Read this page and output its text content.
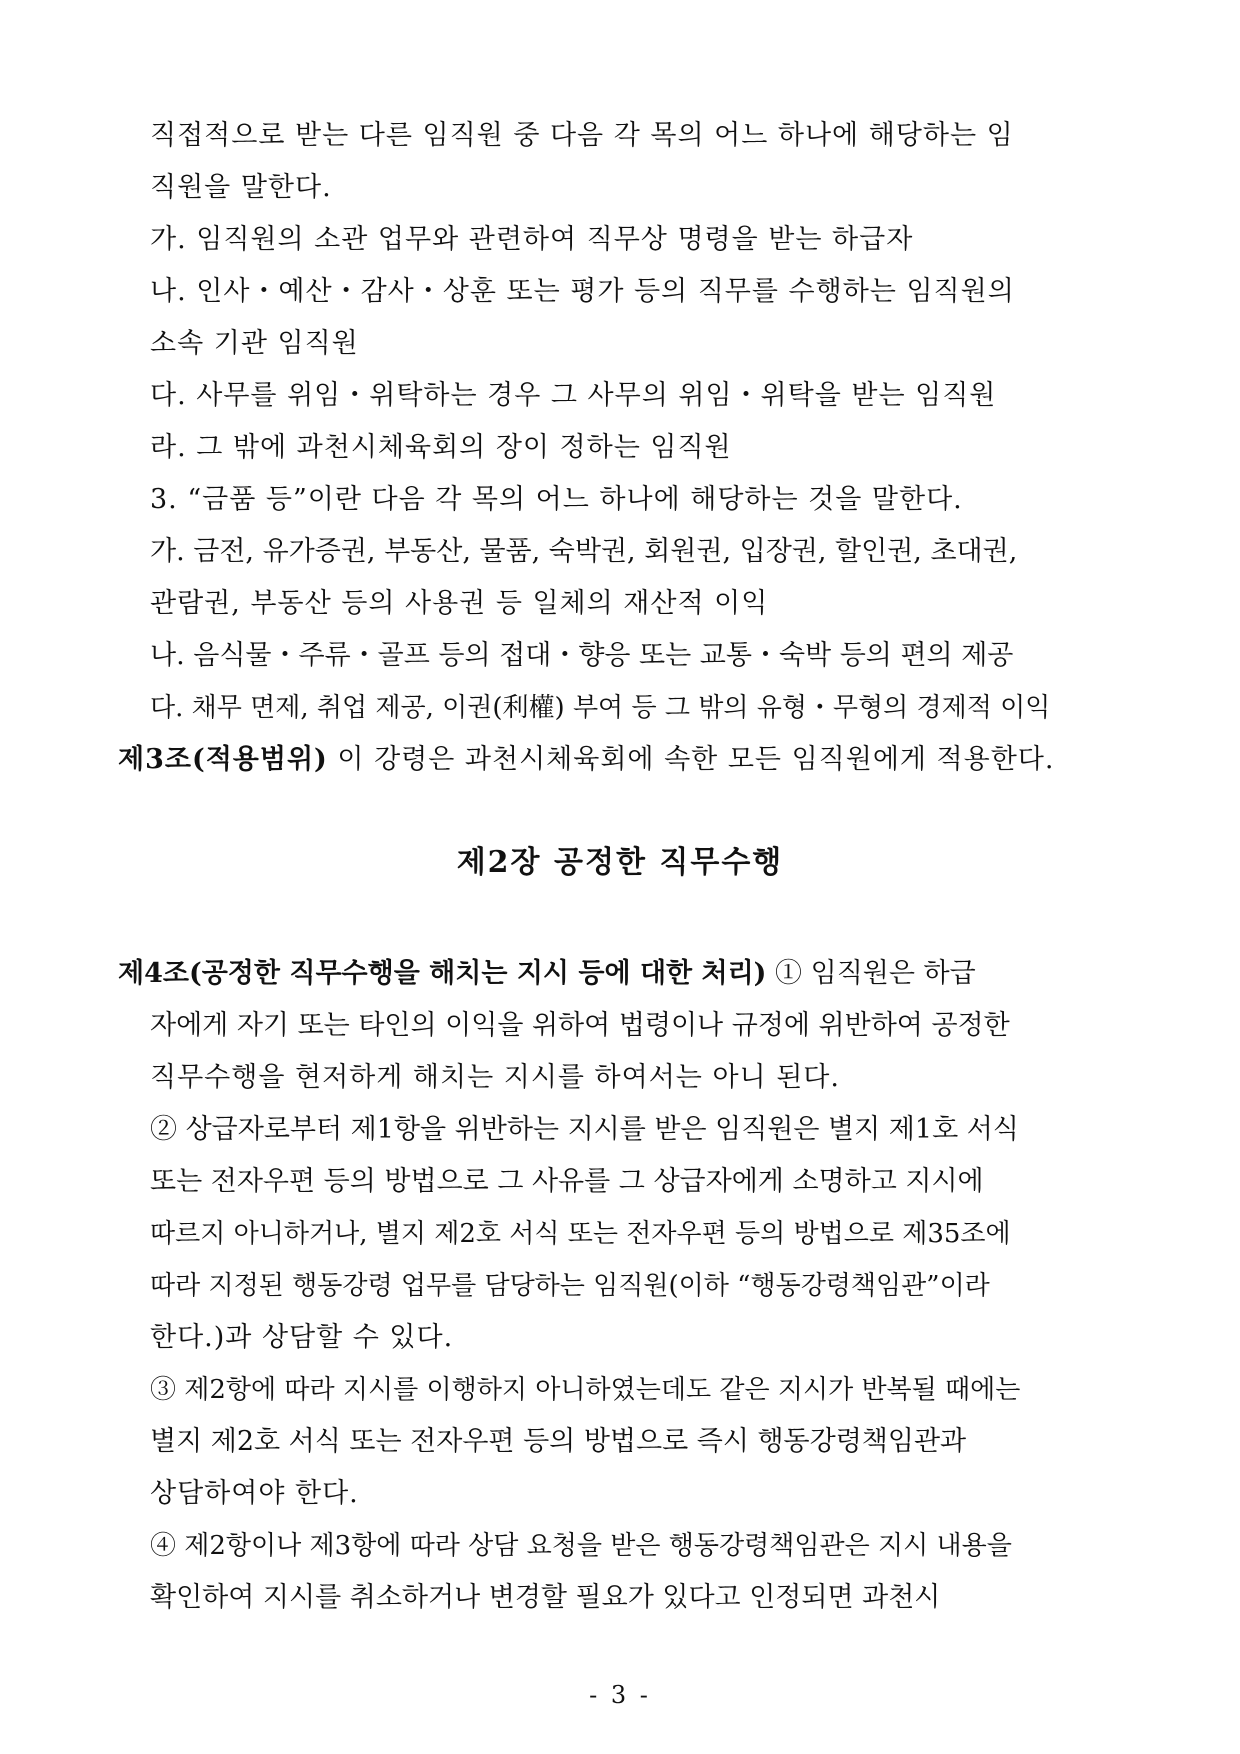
직접적으로 받는 다른 임직원 중 다음 각 목의 어느 하나에 해당하는 임
직원을 말한다.
가. 임직원의 소관 업무와 관련하여 직무상 명령을 받는 하급자
나. 인사・예산・감사・상훈 또는 평가 등의 직무를 수행하는 임직원의
소속 기관 임직원
다. 사무를 위임・위탁하는 경우 그 사무의 위임・위탁을 받는 임직원
라. 그 밖에 과천시체육회의 장이 정하는 임직원
3. “금품 등”이란 다음 각 목의 어느 하나에 해당하는 것을 말한다.
가. 금전, 유가증권, 부동산, 물품, 숙박권, 회원권, 입장권, 할인권, 초대권,
관람권, 부동산 등의 사용권 등 일체의 재산적 이익
나. 음식물・주류・골프 등의 접대・향응 또는 교통・숙박 등의 편의 제공
다. 채무 면제, 취업 제공, 이권(利權) 부여 등 그 밖의 유형・무형의 경제적 이익
제3조(적용범위) 이 강령은 과천시체육회에 속한 모든 임직원에게 적용한다.
제2장 공정한 직무수행
제4조(공정한 직무수행을 해치는 지시 등에 대한 처리) ① 임직원은 하급
자에게 자기 또는 타인의 이익을 위하여 법령이나 규정에 위반하여 공정한
직무수행을 현저하게 해치는 지시를 하여서는 아니 된다.
② 상급자로부터 제1항을 위반하는 지시를 받은 임직원은 별지 제1호 서식
또는 전자우편 등의 방법으로 그 사유를 그 상급자에게 소명하고 지시에
따르지 아니하거나, 별지 제2호 서식 또는 전자우편 등의 방법으로 제35조에
따라 지정된 행동강령 업무를 담당하는 임직원(이하 “행동강령책임관”이라
한다.)과 상담할 수 있다.
③ 제2항에 따라 지시를 이행하지 아니하였는데도 같은 지시가 반복될 때에는
별지 제2호 서식 또는 전자우편 등의 방법으로 즉시 행동강령책임관과
상담하여야 한다.
④ 제2항이나 제3항에 따라 상담 요청을 받은 행동강령책임관은 지시 내용을
확인하여 지시를 취소하거나 변경할 필요가 있다고 인정되면 과천시
- 3 -
